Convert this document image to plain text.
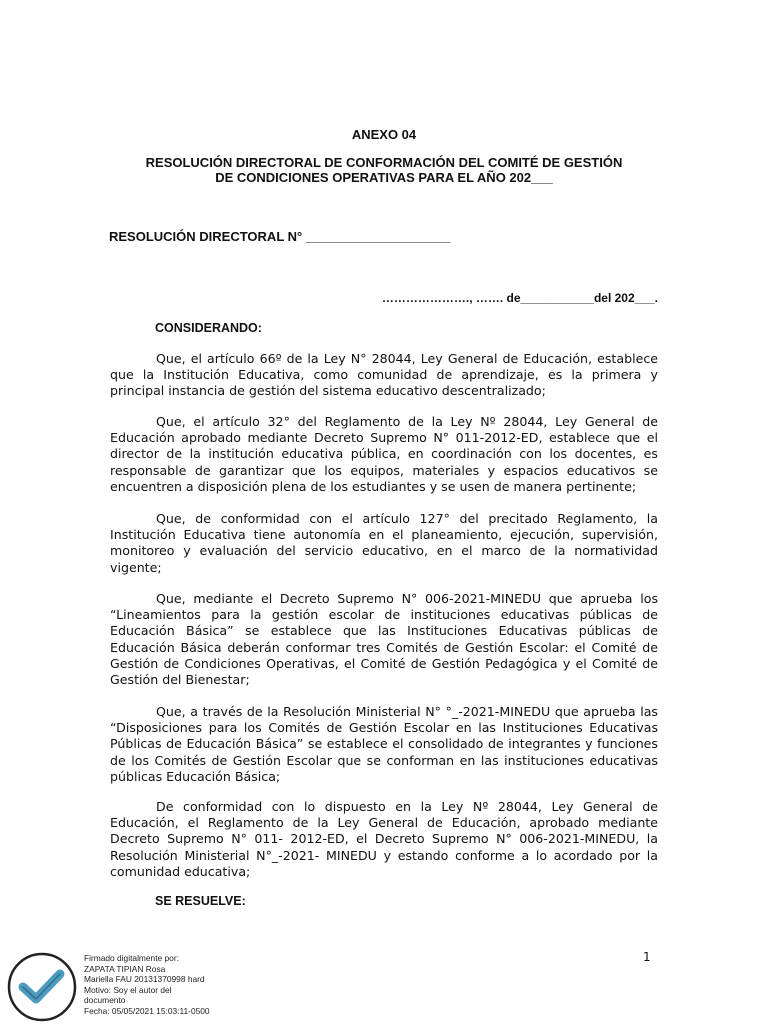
ANEXO 04
RESOLUCIÓN DIRECTORAL DE CONFORMACIÓN DEL COMITÉ DE GESTIÓN
DE CONDICIONES OPERATIVAS PARA EL AÑO 202___
RESOLUCIÓN DIRECTORAL N° ____________________
…………………., ……. de___________del 202___.
CONSIDERANDO:

Que, el artículo 66º de la Ley N° 28044, Ley General de Educación, establece que la Institución Educativa, como comunidad de aprendizaje, es la primera y principal instancia de gestión del sistema educativo descentralizado;

Que, el artículo 32° del Reglamento de la Ley Nº 28044, Ley General de Educación aprobado mediante Decreto Supremo N° 011-2012-ED, establece que el director de la institución educativa pública, en coordinación con los docentes, es responsable de garantizar que los equipos, materiales y espacios educativos se encuentren a disposición plena de los estudiantes y se usen de manera pertinente;

Que, de conformidad con el artículo 127° del precitado Reglamento, la Institución Educativa tiene autonomía en el planeamiento, ejecución, supervisión, monitoreo y evaluación del servicio educativo, en el marco de la normatividad vigente;

Que, mediante el Decreto Supremo N° 006-2021-MINEDU que aprueba los “Lineamientos para la gestión escolar de instituciones educativas públicas de Educación Básica” se establece que las Instituciones Educativas públicas de Educación Básica deberán conformar tres Comités de Gestión Escolar: el Comité de Gestión de Condiciones Operativas, el Comité de Gestión Pedagógica y el Comité de Gestión del Bienestar;

Que, a través de la Resolución Ministerial N° °_-2021-MINEDU que aprueba las “Disposiciones para los Comités de Gestión Escolar en las Instituciones Educativas Públicas de Educación Básica” se establece el consolidado de integrantes y funciones de los Comités de Gestión Escolar que se conforman en las instituciones educativas públicas Educación Básica;

De conformidad con lo dispuesto en la Ley Nº 28044, Ley General de Educación, el Reglamento de la Ley General de Educación, aprobado mediante Decreto Supremo N° 011- 2012-ED, el Decreto Supremo N° 006-2021-MINEDU, la Resolución Ministerial N°_-2021- MINEDU y estando conforme a lo acordado por la comunidad educativa;

SE RESUELVE:
1
Firmado digitalmente por:
ZAPATA TIPIAN Rosa
Mariella FAU 20131370998 hard
Motivo: Soy el autor del
documento
Fecha: 05/05/2021 15:03:11-0500
